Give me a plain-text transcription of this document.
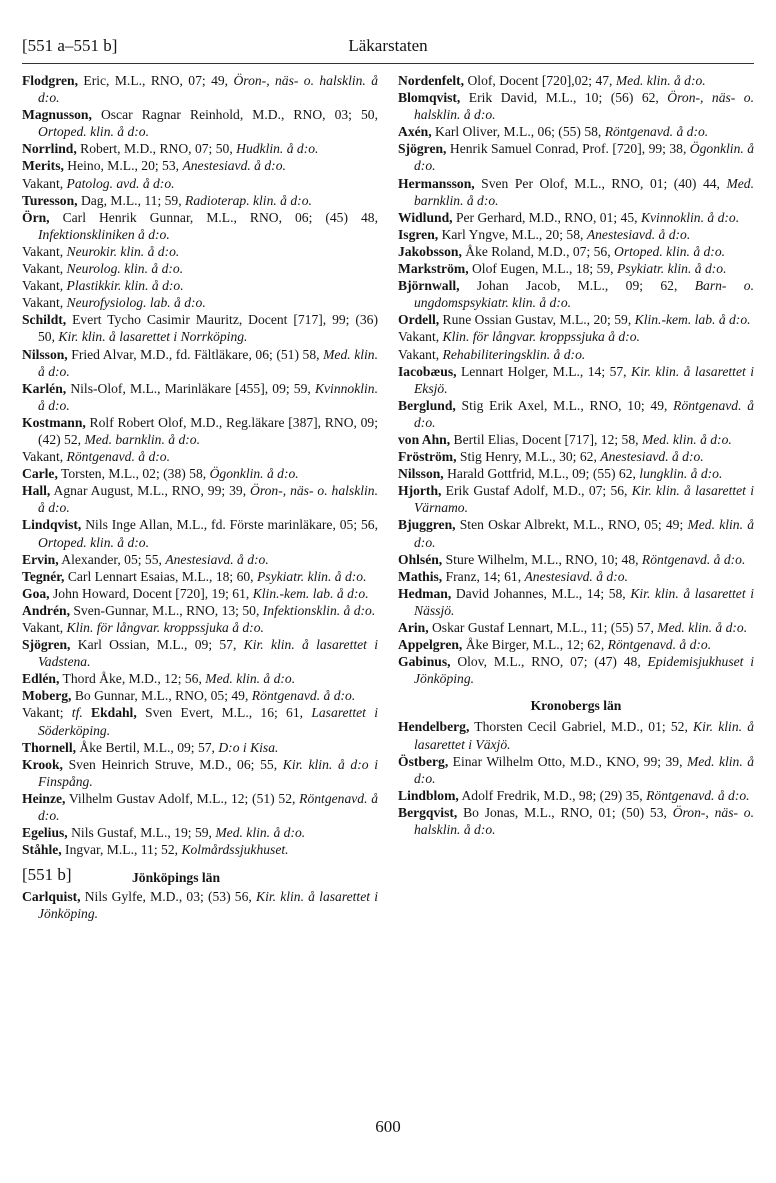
[551 a–551 b]	Läkarstaten

Flodgren, Eric, M.L., RNO, 07; 49, Öron-, näs- o. halsklin. å d:o.

Magnusson, Oscar Ragnar Reinhold, M.D., RNO, 03; 50, Ortoped. klin. å d:o.

Norrlind, Robert, M.D., RNO, 07; 50, Hudklin. å d:o.

Merits, Heino, M.L., 20; 53, Anestesiavd. å d:o.

Vakant, Patolog. avd. å d:o.

Turesson, Dag, M.L., 11; 59, Radioterap. klin. å d:o.

Örn, Carl Henrik Gunnar, M.L., RNO, 06; (45) 48, Infektionskliniken å d:o.

Vakant, Neurokir. klin. å d:o.

Vakant, Neurolog. klin. å d:o.

Vakant, Plastikkir. klin. å d:o.

Vakant, Neurofysiolog. lab. å d:o.

Schildt, Evert Tycho Casimir Mauritz, Docent [717], 99; (36) 50, Kir. klin. å lasarettet i Norrköping.

Nilsson, Fried Alvar, M.D., fd. Fältläkare, 06; (51) 58, Med. klin. å d:o.

Karlén, Nils-Olof, M.L., Marinläkare [455], 09; 59, Kvinnoklin. å d:o.

Kostmann, Rolf Robert Olof, M.D., Reg.läkare [387], RNO, 09; (42) 52, Med. barnklin. å d:o.

Vakant, Röntgenavd. å d:o.

Carle, Torsten, M.L., 02; (38) 58, Ögonklin. å d:o.

Hall, Agnar August, M.L., RNO, 99; 39, Öron-, näs- o. halsklin. å d:o.

Lindqvist, Nils Inge Allan, M.L., fd. Förste marinläkare, 05; 56, Ortoped. klin. å d:o.

Ervin, Alexander, 05; 55, Anestesiavd. å d:o.

Tegnér, Carl Lennart Esaias, M.L., 18; 60, Psykiatr. klin. å d:o.

Goa, John Howard, Docent [720], 19; 61, Klin.-kem. lab. å d:o.

Andrén, Sven-Gunnar, M.L., RNO, 13; 50, Infektionsklin. å d:o.

Vakant, Klin. för långvar. kroppssjuka å d:o.

Sjögren, Karl Ossian, M.L., 09; 57, Kir. klin. å lasarettet i Vadstena.

Edlén, Thord Åke, M.D., 12; 56, Med. klin. å d:o.

Moberg, Bo Gunnar, M.L., RNO, 05; 49, Röntgenavd. å d:o.

Vakant; tf. Ekdahl, Sven Evert, M.L., 16; 61, Lasarettet i Söderköping.

Thornell, Åke Bertil, M.L., 09; 57, D:o i Kisa.

Krook, Sven Heinrich Struve, M.D., 06; 55, Kir. klin. å d:o i Finspång.

Heinze, Vilhelm Gustav Adolf, M.L., 12; (51) 52, Röntgenavd. å d:o.

Egelius, Nils Gustaf, M.L., 19; 59, Med. klin. å d:o.

Ståhle, Ingvar, M.L., 11; 52, Kolmårdssjukhuset.

[551 b]	Jönköpings län

Carlquist, Nils Gylfe, M.D., 03; (53) 56, Kir. klin. å lasarettet i Jönköping.

Nordenfelt, Olof, Docent [720],02; 47, Med. klin. å d:o.

Blomqvist, Erik David, M.L., 10; (56) 62, Öron-, näs- o. halsklin. å d:o.

Axén, Karl Oliver, M.L., 06; (55) 58, Röntgenavd. å d:o.

Sjögren, Henrik Samuel Conrad, Prof. [720], 99; 38, Ögonklin. å d:o.

Hermansson, Sven Per Olof, M.L., RNO, 01; (40) 44, Med. barnklin. å d:o.

Widlund, Per Gerhard, M.D., RNO, 01; 45, Kvinnoklin. å d:o.

Isgren, Karl Yngve, M.L., 20; 58, Anestesiavd. å d:o.

Jakobsson, Åke Roland, M.D., 07; 56, Ortoped. klin. å d:o.

Markström, Olof Eugen, M.L., 18; 59, Psykiatr. klin. å d:o.

Björnwall, Johan Jacob, M.L., 09; 62, Barn- o. ungdomspsykiatr. klin. å d:o.

Ordell, Rune Ossian Gustav, M.L., 20; 59, Klin.-kem. lab. å d:o.

Vakant, Klin. för långvar. kroppssjuka å d:o.

Vakant, Rehabiliteringsklin. å d:o.

Iacobæus, Lennart Holger, M.L., 14; 57, Kir. klin. å lasarettet i Eksjö.

Berglund, Stig Erik Axel, M.L., RNO, 10; 49, Röntgenavd. å d:o.

von Ahn, Bertil Elias, Docent [717], 12; 58, Med. klin. å d:o.

Fröström, Stig Henry, M.L., 30; 62, Anestesiavd. å d:o.

Nilsson, Harald Gottfrid, M.L., 09; (55) 62, lungklin. å d:o.

Hjorth, Erik Gustaf Adolf, M.D., 07; 56, Kir. klin. å lasarettet i Värnamo.

Bjuggren, Sten Oskar Albrekt, M.L., RNO, 05; 49; Med. klin. å d:o.

Ohlsén, Sture Wilhelm, M.L., RNO, 10; 48, Röntgenavd. å d:o.

Mathis, Franz, 14; 61, Anestesiavd. å d:o.

Hedman, David Johannes, M.L., 14; 58, Kir. klin. å lasarettet i Nässjö.

Arin, Oskar Gustaf Lennart, M.L., 11; (55) 57, Med. klin. å d:o.

Appelgren, Åke Birger, M.L., 12; 62, Röntgenavd. å d:o.

Gabinus, Olov, M.L., RNO, 07; (47) 48, Epidemisjukhuset i Jönköping.

Kronobergs län

Hendelberg, Thorsten Cecil Gabriel, M.D., 01; 52, Kir. klin. å lasarettet i Växjö.

Östberg, Einar Wilhelm Otto, M.D., KNO, 99; 39, Med. klin. å d:o.

Lindblom, Adolf Fredrik, M.D., 98; (29) 35, Röntgenavd. å d:o.

Bergqvist, Bo Jonas, M.L., RNO, 01; (50) 53, Öron-, näs- o. halsklin. å d:o.

600
